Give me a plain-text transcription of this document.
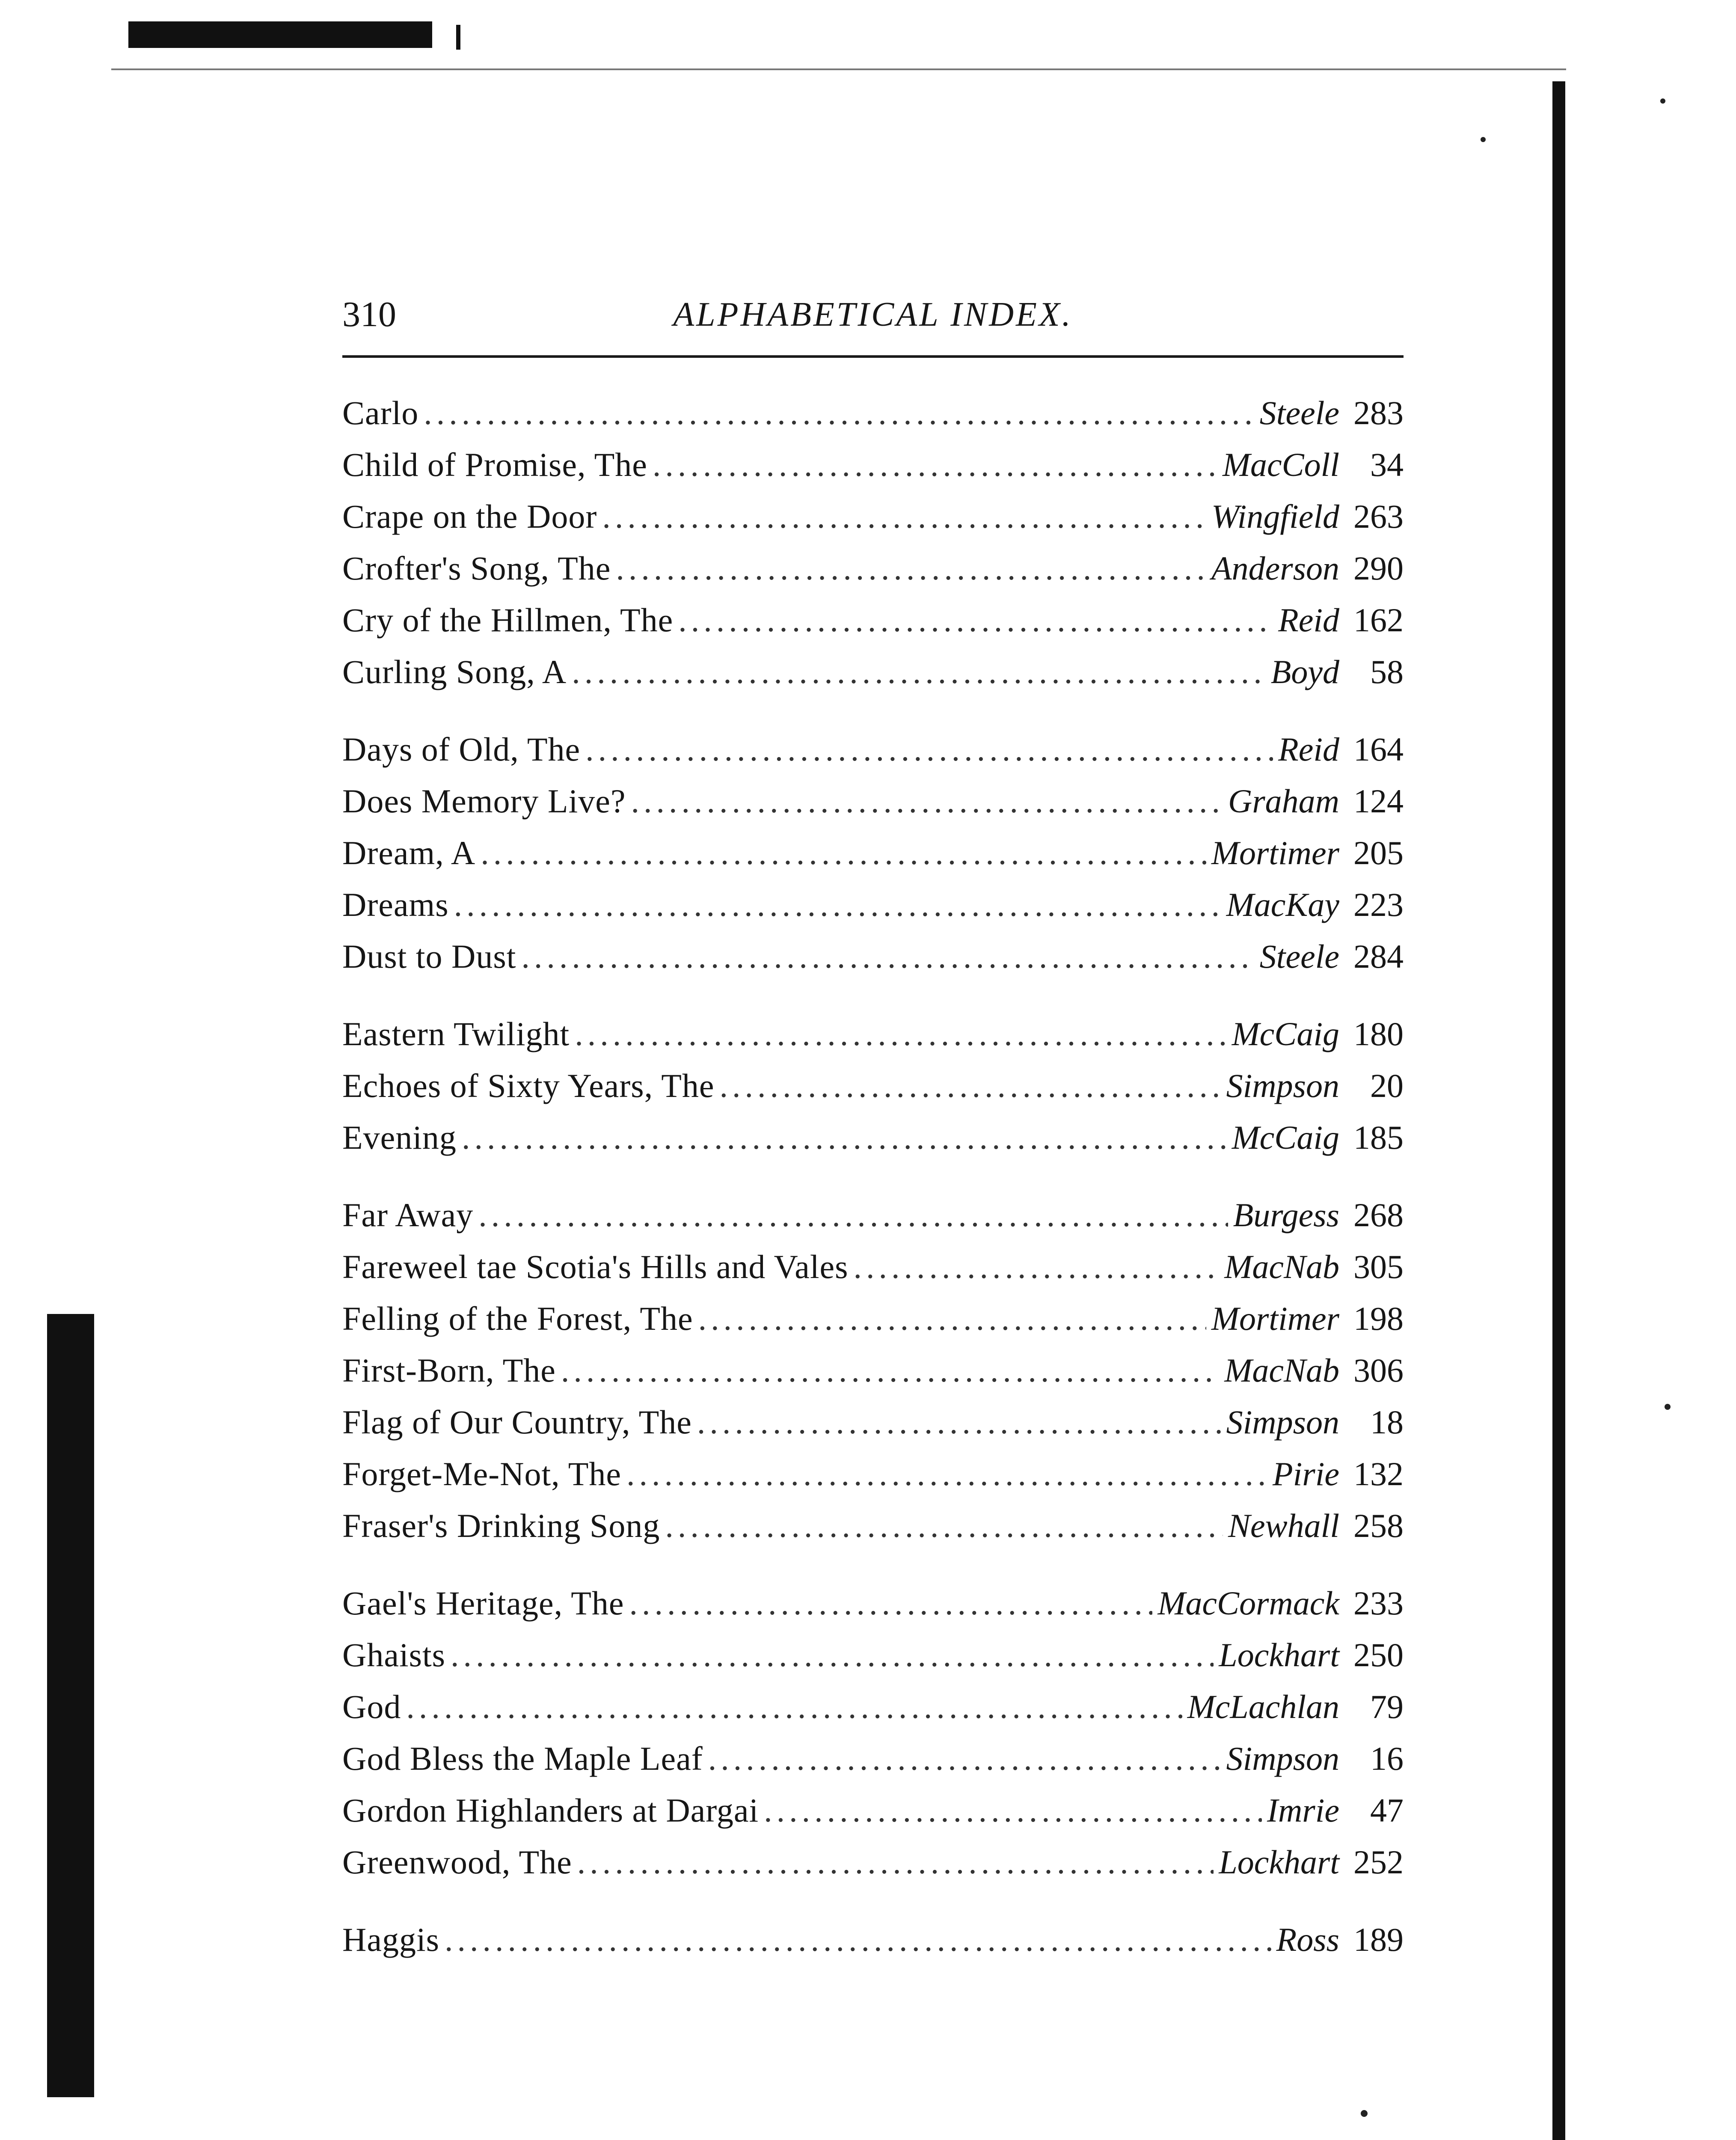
310	ALPHABETICAL INDEX.
Carlo .....	Steele 283
Child of Promise, The .....	MacColl 34
Crape on the Door .....	Wingfield 263
Crofter's Song, The .....	Anderson 290
Cry of the Hillmen, The .....	Reid 162
Curling Song, A .....	Boyd 58
Days of Old, The .....	Reid 164
Does Memory Live? .....	Graham 124
Dream, A .....	Mortimer 205
Dreams .....	MacKay 223
Dust to Dust .....	Steele 284
Eastern Twilight .....	McCaig 180
Echoes of Sixty Years, The .....	Simpson 20
Evening .....	McCaig 185
Far Away .....	Burgess 268
Fareweel tae Scotia's Hills and Vales .....	MacNab 305
Felling of the Forest, The .....	Mortimer 198
First-Born, The .....	MacNab 306
Flag of Our Country, The .....	Simpson 18
Forget-Me-Not, The .....	Pirie 132
Fraser's Drinking Song .....	Newhall 258
Gael's Heritage, The .....	MacCormack 233
Ghaists .....	Lockhart 250
God .....	McLachlan 79
God Bless the Maple Leaf .....	Simpson 16
Gordon Highlanders at Dargai .....	Imrie 47
Greenwood, The .....	Lockhart 252
Haggis .....	Ross 189
